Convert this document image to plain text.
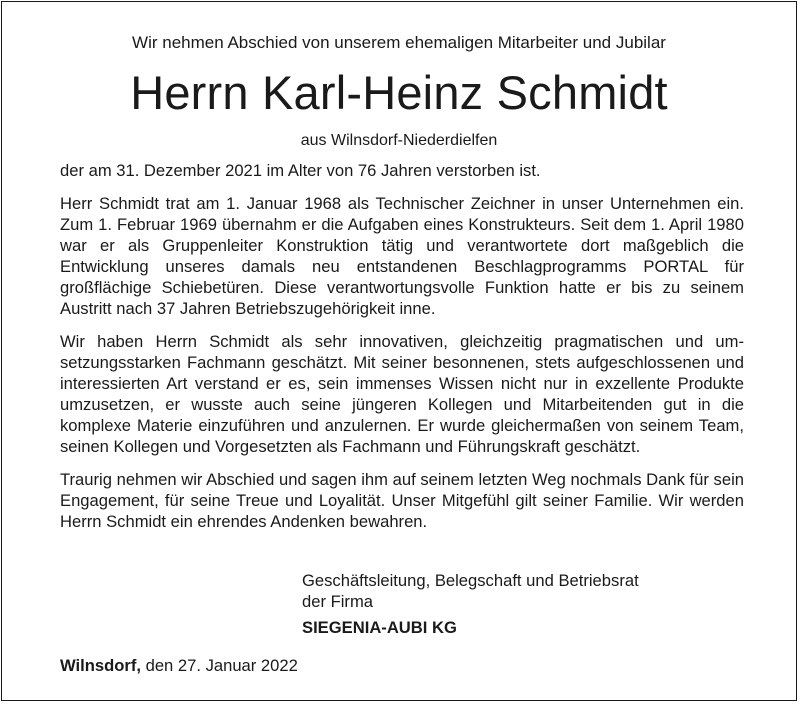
Wir nehmen Abschied von unserem ehemaligen Mitarbeiter und Jubilar
Herrn Karl-Heinz Schmidt
aus Wilnsdorf-Niederdielfen

der am 31. Dezember 2021 im Alter von 76 Jahren verstorben ist.

Herr Schmidt trat am 1. Januar 1968 als Technischer Zeichner in unser Unternehmen ein. Zum 1. Februar 1969 übernahm er die Aufgaben eines Konstrukteurs. Seit dem 1. April 1980 war er als Gruppenleiter Konstruktion tätig und verantwortete dort maßgeblich die Entwicklung unseres damals neu entstandenen Beschlagprogramms PORTAL für großflächige Schiebetüren. Diese verantwortungsvolle Funktion hatte er bis zu seinem Austritt nach 37 Jahren Betriebszugehörigkeit inne.

Wir haben Herrn Schmidt als sehr innovativen, gleichzeitig pragmatischen und umsetzungsstarken Fachmann geschätzt. Mit seiner besonnenen, stets aufgeschlossenen und interessierten Art verstand er es, sein immenses Wissen nicht nur in exzellente Produkte umzusetzen, er wusste auch seine jüngeren Kollegen und Mitarbeitenden gut in die komplexe Materie einzuführen und anzulernen. Er wurde gleichermaßen von seinem Team, seinen Kollegen und Vorgesetzten als Fachmann und Führungskraft geschätzt.

Traurig nehmen wir Abschied und sagen ihm auf seinem letzten Weg nochmals Dank für sein Engagement, für seine Treue und Loyalität. Unser Mitgefühl gilt seiner Familie. Wir werden Herrn Schmidt ein ehrendes Andenken bewahren.

Geschäftsleitung, Belegschaft und Betriebsrat
der Firma
SIEGENIA-AUBI KG
Wilnsdorf, den 27. Januar 2022
